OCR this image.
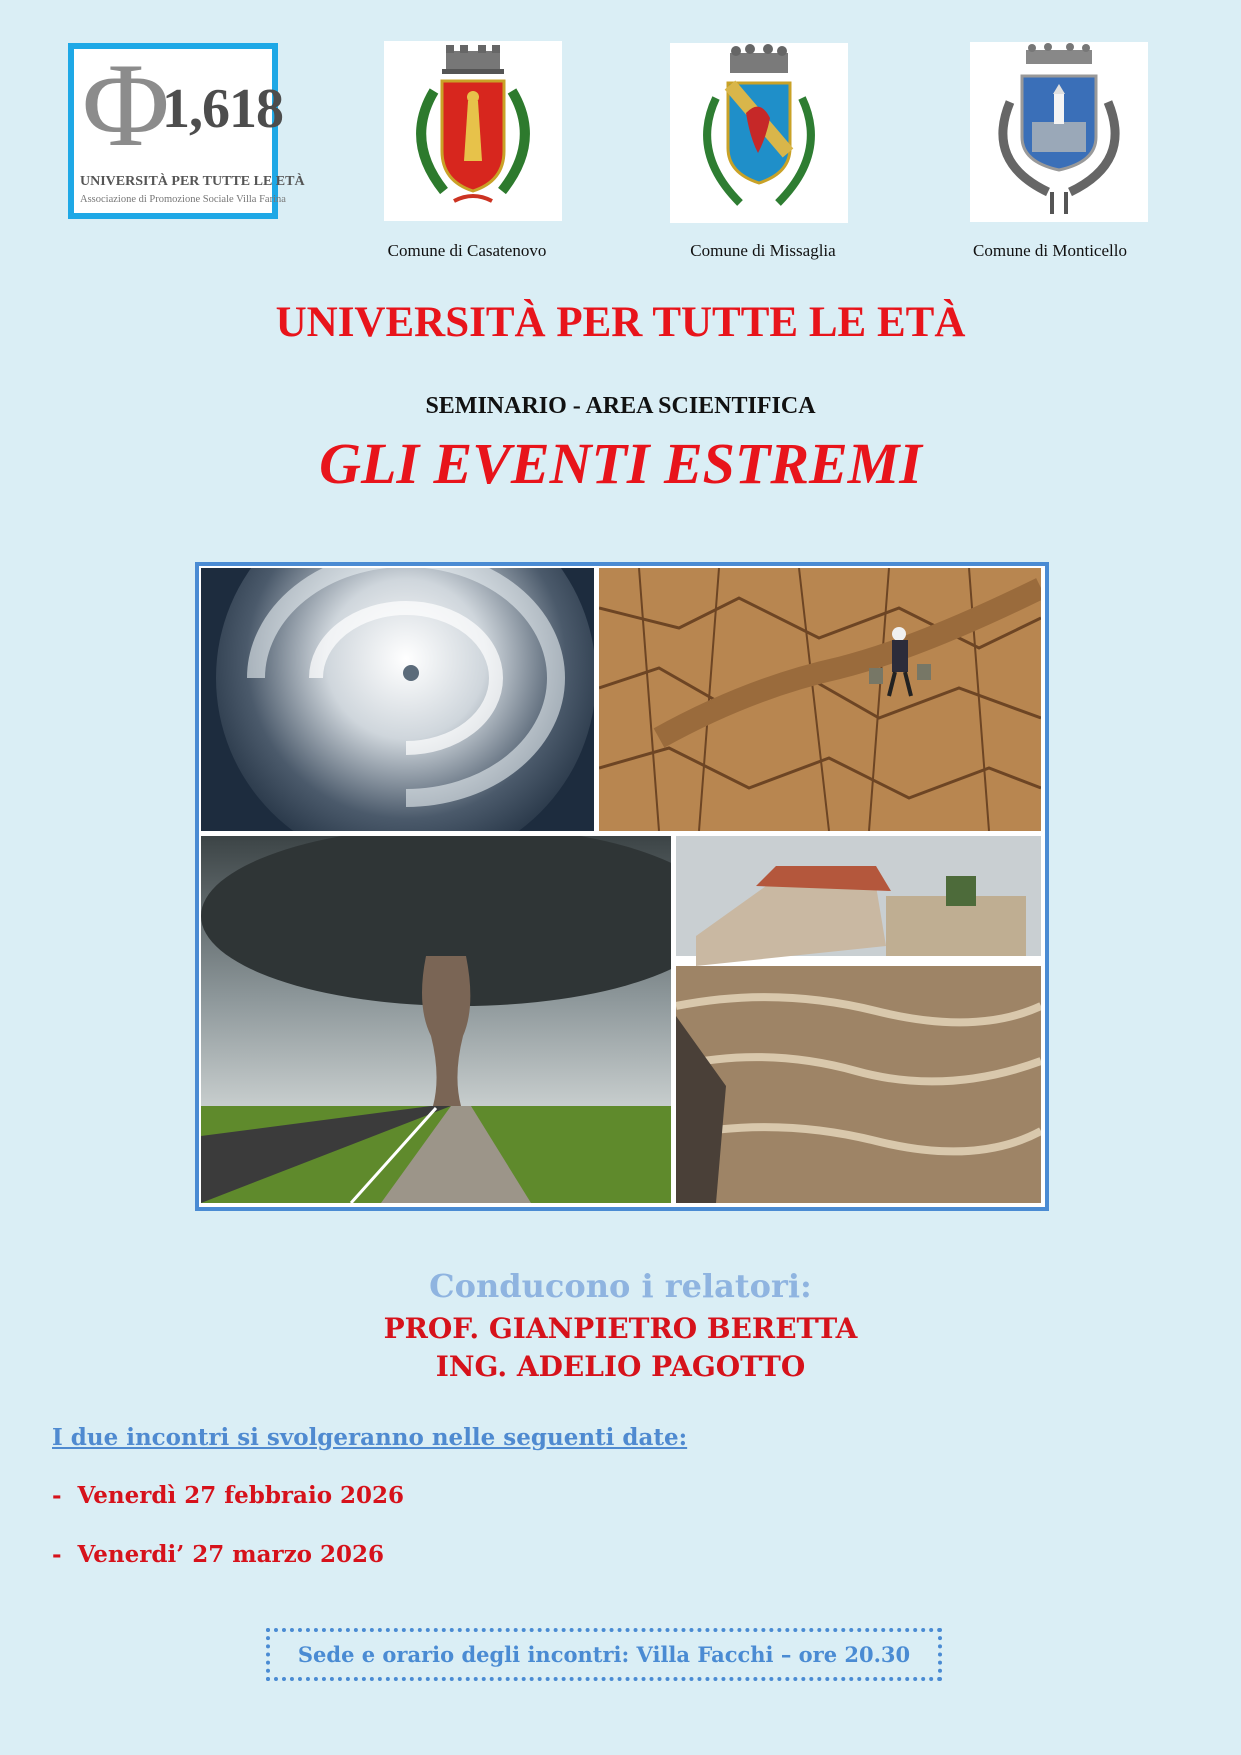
Φ
1,618
UNIVERSITÀ PER TUTTE LE ETÀ
Associazione di Promozione Sociale Villa Farina
Comune di Casatenovo	Comune di Missaglia	Comune di Monticello
UNIVERSITÀ PER TUTTE LE ETÀ
SEMINARIO - AREA SCIENTIFICA
GLI EVENTI ESTREMI
Conducono i relatori:
PROF. GIANPIETRO BERETTA
ING. ADELIO PAGOTTO
I due incontri si svolgeranno nelle seguenti date:
-  Venerdì 27 febbraio 2026
-  Venerdi’ 27 marzo 2026
Sede e orario degli incontri: Villa Facchi – ore 20.30
